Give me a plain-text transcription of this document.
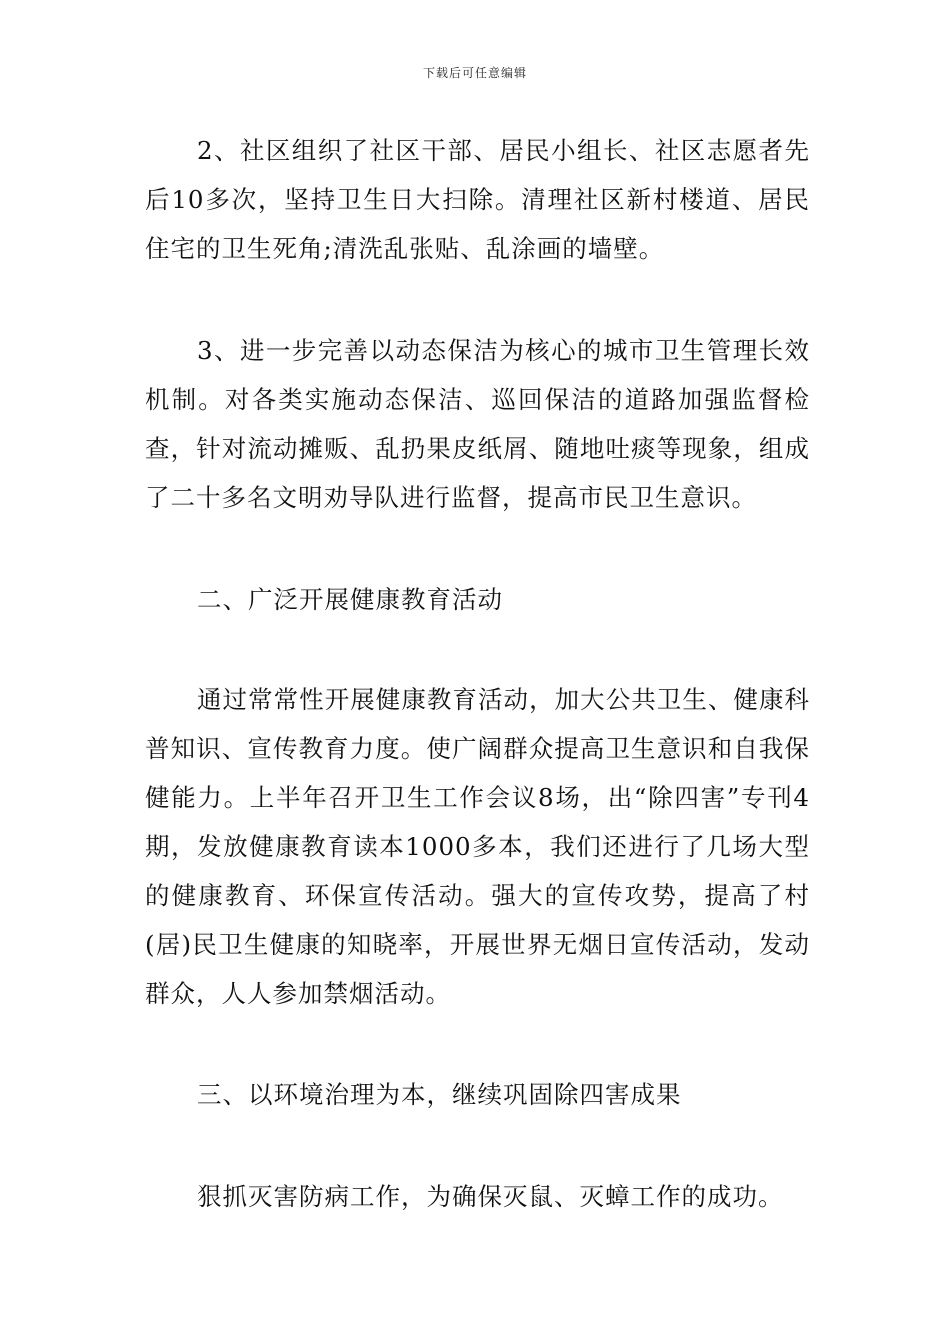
下载后可任意编辑

2、社区组织了社区干部、居民小组长、社区志愿者先后10多次，坚持卫生日大扫除。清理社区新村楼道、居民住宅的卫生死角;清洗乱张贴、乱涂画的墙壁。

3、进一步完善以动态保洁为核心的城市卫生管理长效机制。对各类实施动态保洁、巡回保洁的道路加强监督检查，针对流动摊贩、乱扔果皮纸屑、随地吐痰等现象，组成了二十多名文明劝导队进行监督，提高市民卫生意识。

二、广泛开展健康教育活动

通过常常性开展健康教育活动，加大公共卫生、健康科普知识、宣传教育力度。使广阔群众提高卫生意识和自我保健能力。上半年召开卫生工作会议8场，出“除四害”专刊4期，发放健康教育读本1000多本，我们还进行了几场大型的健康教育、环保宣传活动。强大的宣传攻势，提高了村(居)民卫生健康的知晓率，开展世界无烟日宣传活动，发动群众，人人参加禁烟活动。

三、以环境治理为本，继续巩固除四害成果

狠抓灭害防病工作，为确保灭鼠、灭蟑工作的成功。
